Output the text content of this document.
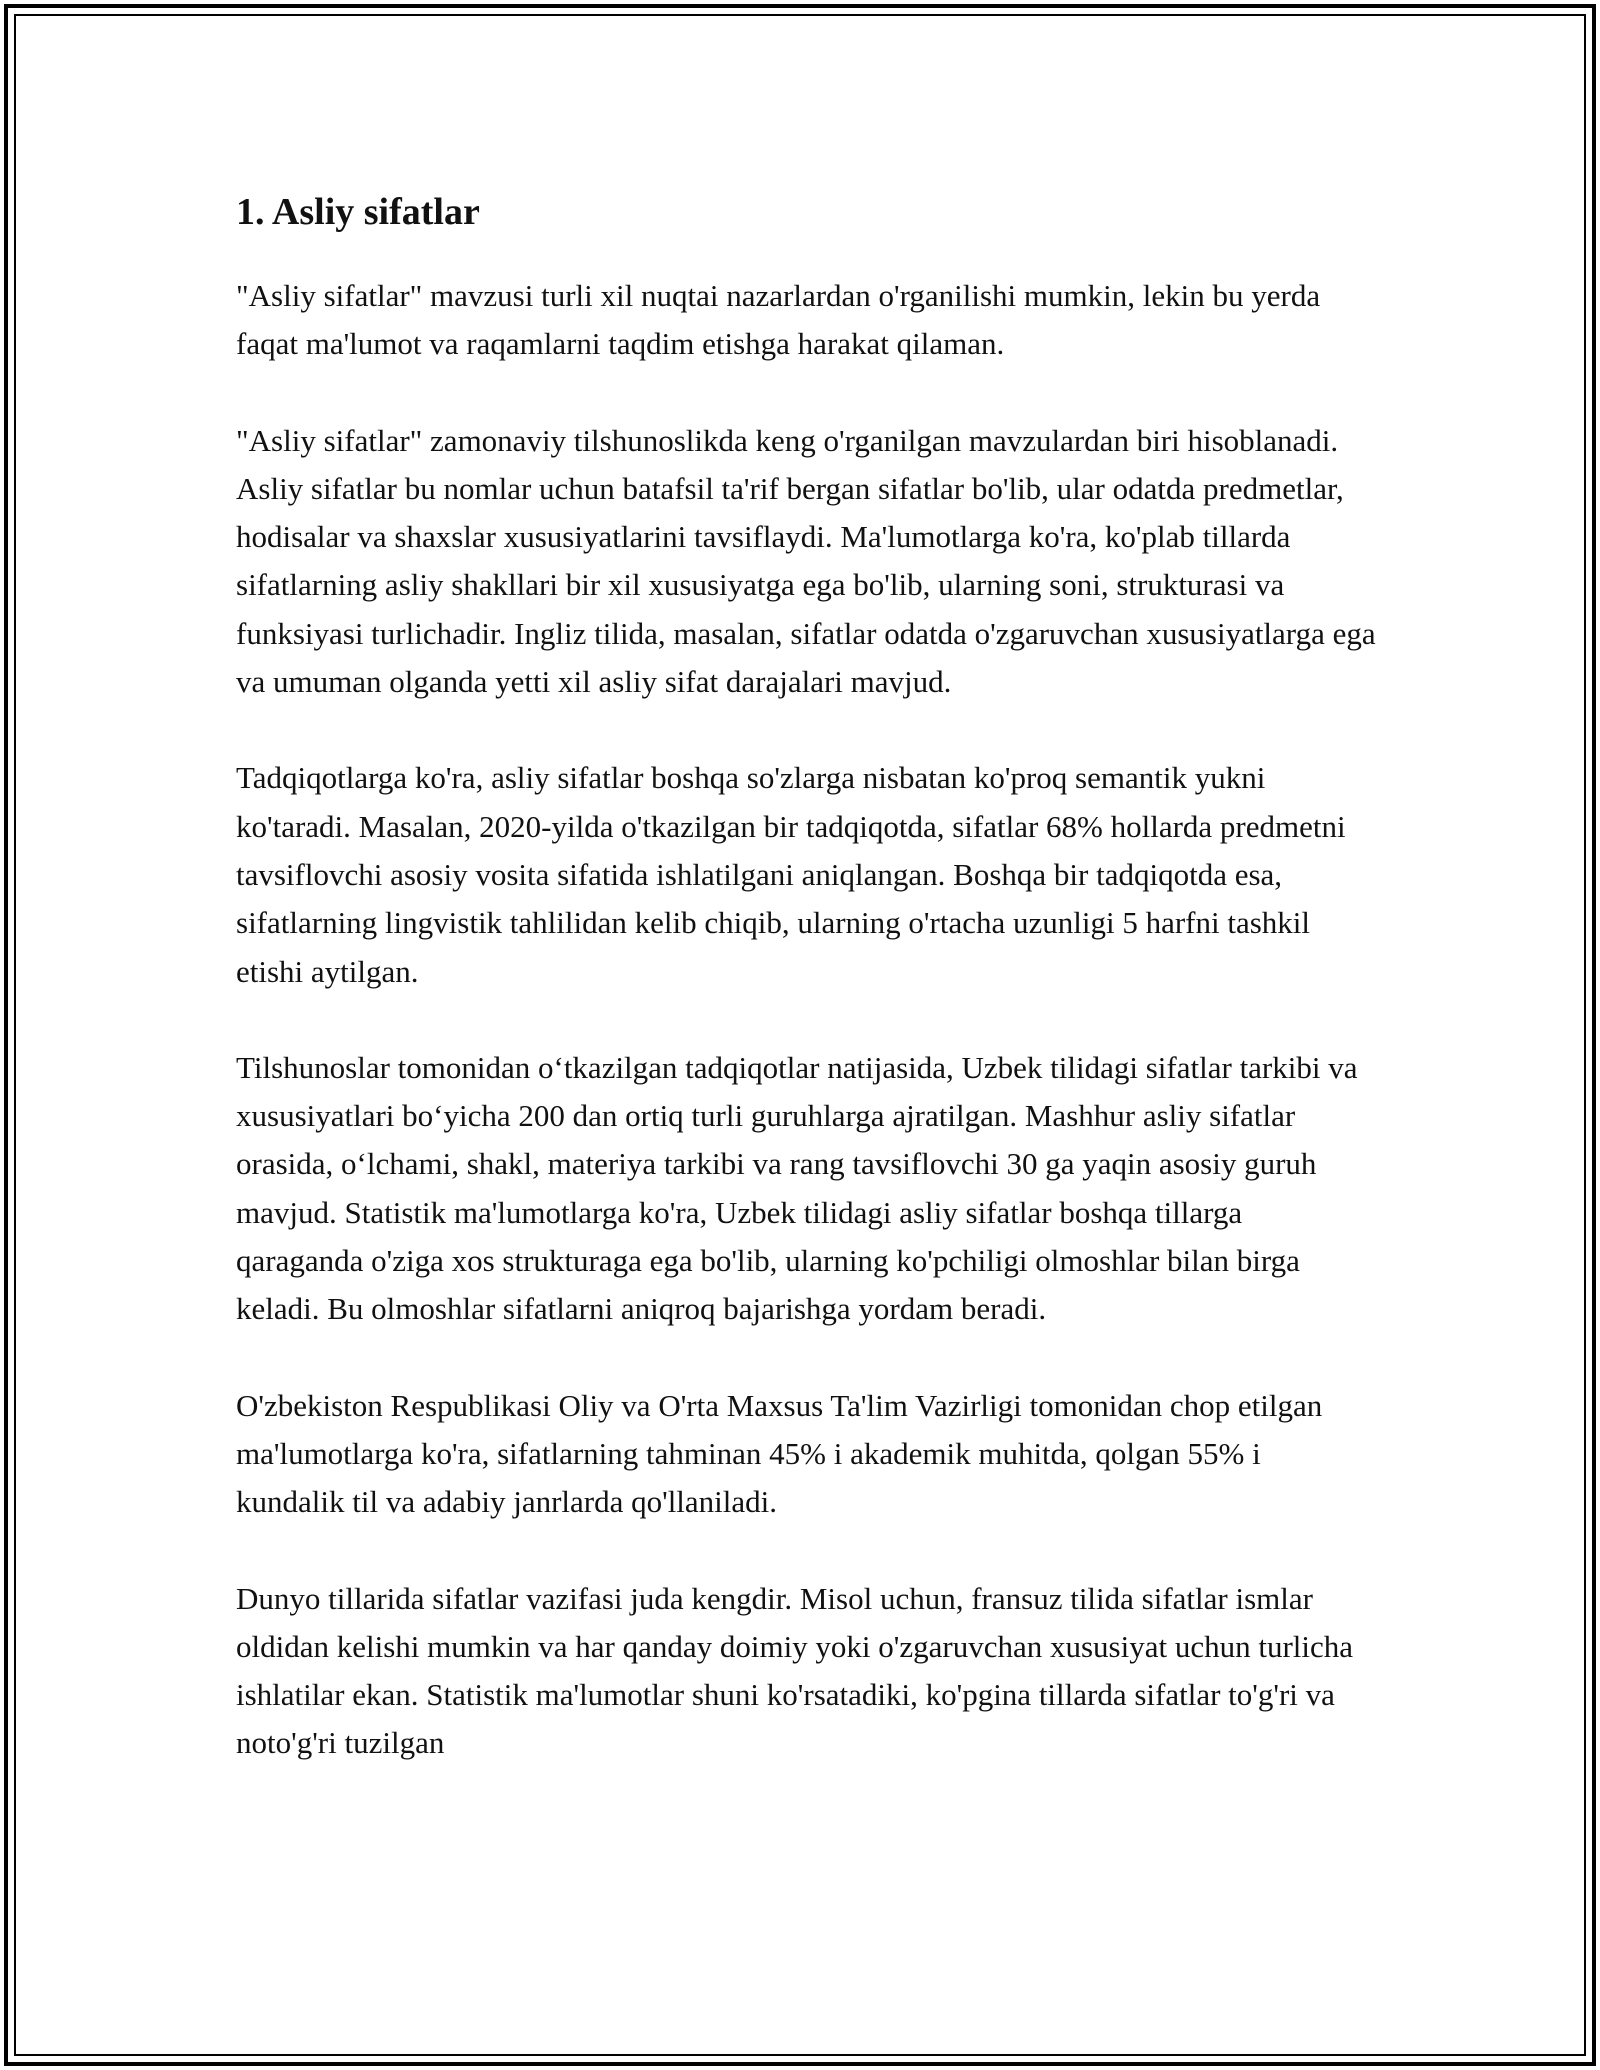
1. Asliy sifatlar

"Asliy sifatlar" mavzusi turli xil nuqtai nazarlardan o'rganilishi mumkin, lekin bu yerda faqat ma'lumot va raqamlarni taqdim etishga harakat qilaman.

"Asliy sifatlar" zamonaviy tilshunoslikda keng o'rganilgan mavzulardan biri hisoblanadi. Asliy sifatlar bu nomlar uchun batafsil ta'rif bergan sifatlar bo'lib, ular odatda predmetlar, hodisalar va shaxslar xususiyatlarini tavsiflaydi. Ma'lumotlarga ko'ra, ko'plab tillarda sifatlarning asliy shakllari bir xil xususiyatga ega bo'lib, ularning soni, strukturasi va funksiyasi turlichadir. Ingliz tilida, masalan, sifatlar odatda o'zgaruvchan xususiyatlarga ega va umuman olganda yetti xil asliy sifat darajalari mavjud.

Tadqiqotlarga ko'ra, asliy sifatlar boshqa so'zlarga nisbatan ko'proq semantik yukni ko'taradi. Masalan, 2020-yilda o'tkazilgan bir tadqiqotda, sifatlar 68% hollarda predmetni tavsiflovchi asosiy vosita sifatida ishlatilgani aniqlangan. Boshqa bir tadqiqotda esa, sifatlarning lingvistik tahlilidan kelib chiqib, ularning o'rtacha uzunligi 5 harfni tashkil etishi aytilgan.

Tilshunoslar tomonidan o‘tkazilgan tadqiqotlar natijasida, Uzbek tilidagi sifatlar tarkibi va xususiyatlari bo‘yicha 200 dan ortiq turli guruhlarga ajratilgan. Mashhur asliy sifatlar orasida, o‘lchami, shakl, materiya tarkibi va rang tavsiflovchi 30 ga yaqin asosiy guruh mavjud. Statistik ma'lumotlarga ko'ra, Uzbek tilidagi asliy sifatlar boshqa tillarga qaraganda o'ziga xos strukturaga ega bo'lib, ularning ko'pchiligi olmoshlar bilan birga keladi. Bu olmoshlar sifatlarni aniqroq bajarishga yordam beradi.

O'zbekiston Respublikasi Oliy va O'rta Maxsus Ta'lim Vazirligi tomonidan chop etilgan ma'lumotlarga ko'ra, sifatlarning tahminan 45% i akademik muhitda, qolgan 55% i kundalik til va adabiy janrlarda qo'llaniladi.

Dunyo tillarida sifatlar vazifasi juda kengdir. Misol uchun, fransuz tilida sifatlar ismlar oldidan kelishi mumkin va har qanday doimiy yoki o'zgaruvchan xususiyat uchun turlicha ishlatilar ekan. Statistik ma'lumotlar shuni ko'rsatadiki, ko'pgina tillarda sifatlar to'g'ri va noto'g'ri tuzilgan
